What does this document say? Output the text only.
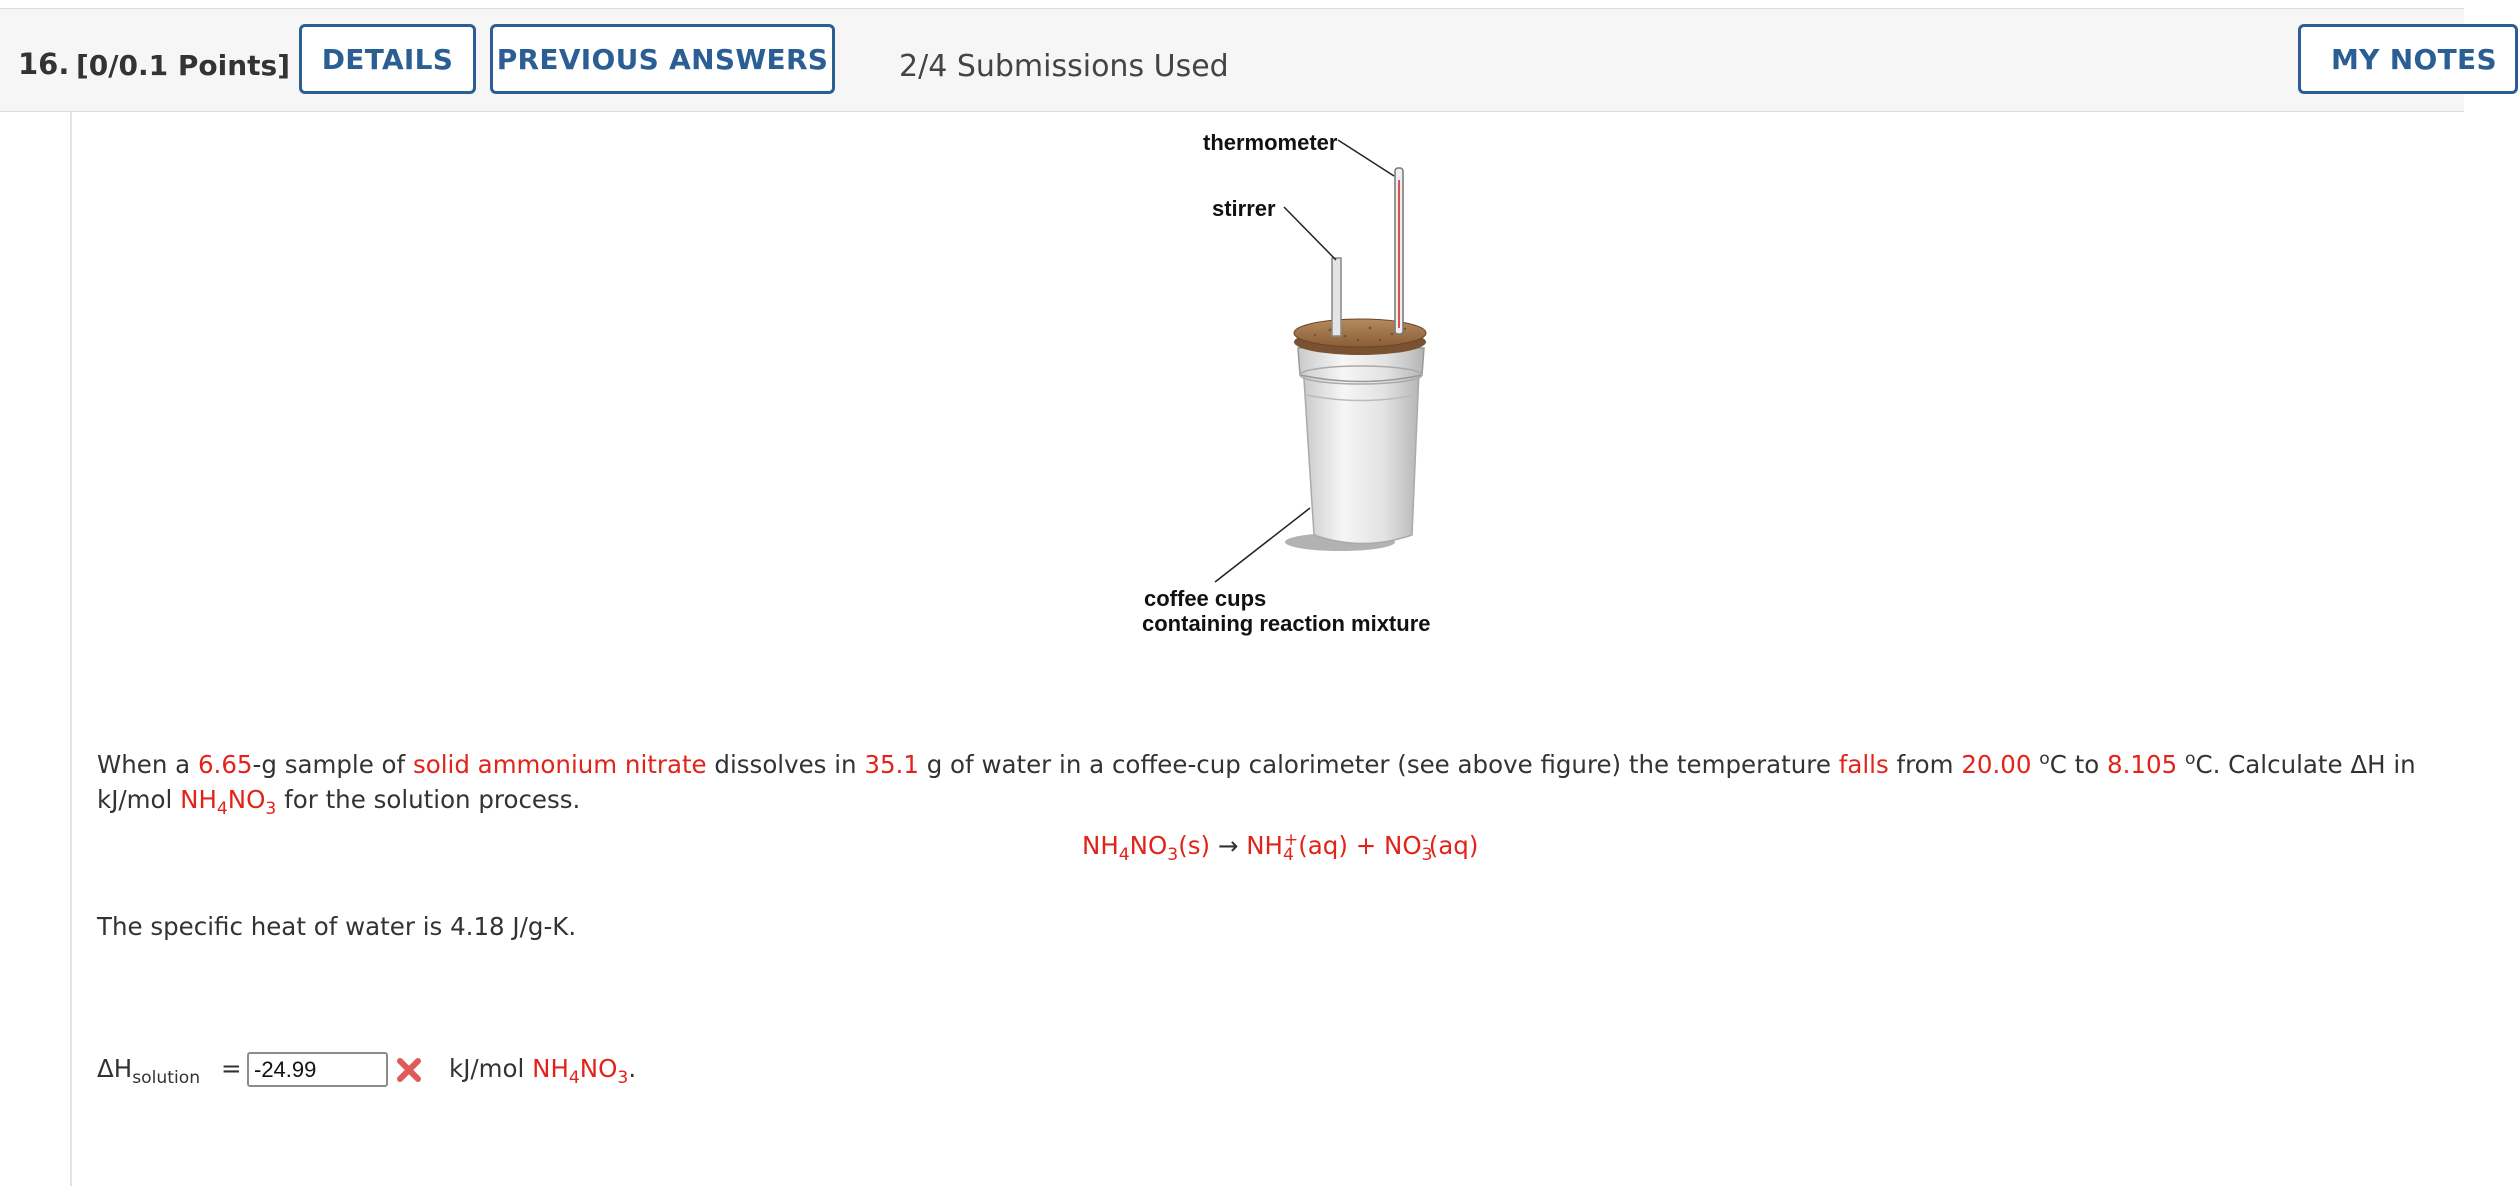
16. [0/0.1 Points]	DETAILS	PREVIOUS ANSWERS 2/4 Submissions Used	MY NOTES
thermometer
stirrer
coffee cups
containing reaction mixture
When a 6.65-g sample of solid ammonium nitrate dissolves in 35.1 g of water in a coffee-cup calorimeter (see above figure) the temperature falls from 20.00 $^o$C to 8.105 $^o$C. Calculate ΔH in kJ/mol $NH_4NO_3$ for the solution process.
$NH_4NO_3(s) \to NH_4^+(aq) + NO_3^-(aq)$
The specific heat of water is 4.18 J/g-K.
$\Delta H_{solution}$ =
-24.99	kJ/mol $NH_4NO_3$.
